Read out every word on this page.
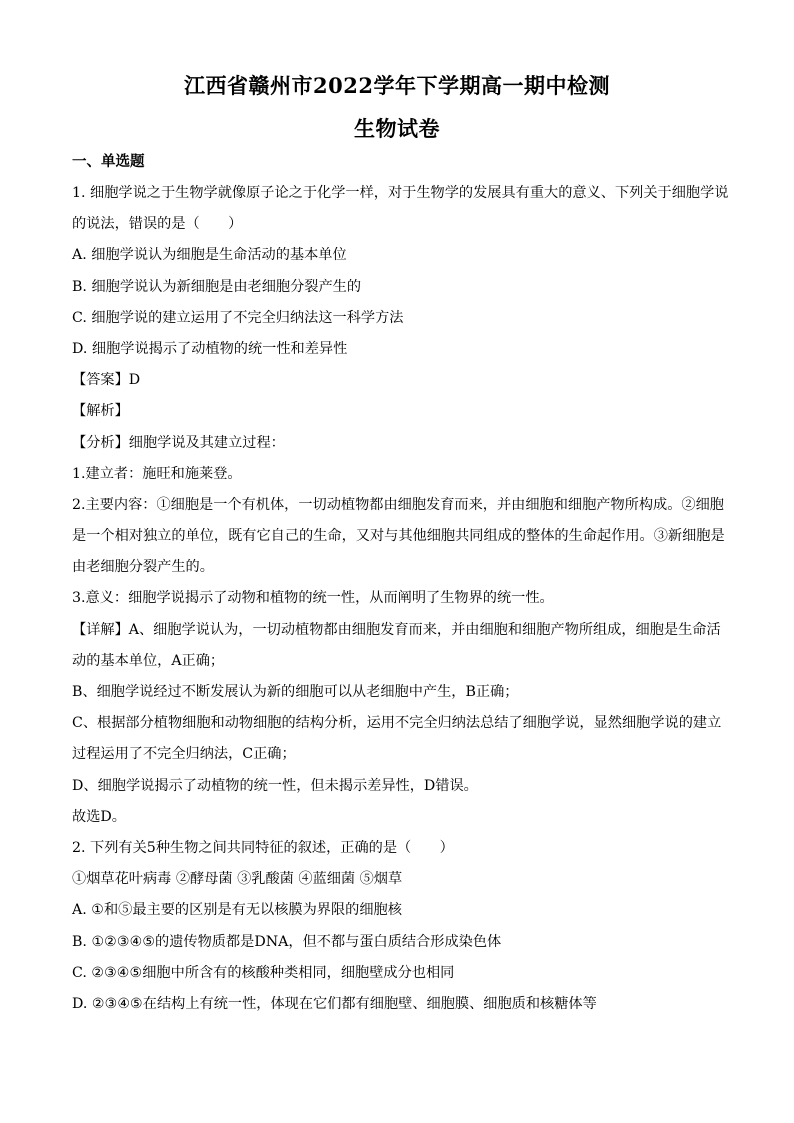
江西省赣州市2022学年下学期高一期中检测
生物试卷
一、单选题
1. 细胞学说之于生物学就像原子论之于化学一样，对于生物学的发展具有重大的意义、下列关于细胞学说
的说法，错误的是（　　）
A. 细胞学说认为细胞是生命活动的基本单位
B. 细胞学说认为新细胞是由老细胞分裂产生的
C. 细胞学说的建立运用了不完全归纳法这一科学方法
D. 细胞学说揭示了动植物的统一性和差异性
【答案】D
【解析】
【分析】细胞学说及其建立过程：
1.建立者：施旺和施莱登。
2.主要内容：①细胞是一个有机体，一切动植物都由细胞发育而来，并由细胞和细胞产物所构成。②细胞
是一个相对独立的单位，既有它自己的生命，又对与其他细胞共同组成的整体的生命起作用。③新细胞是
由老细胞分裂产生的。
3.意义：细胞学说揭示了动物和植物的统一性，从而阐明了生物界的统一性。
【详解】A、细胞学说认为，一切动植物都由细胞发育而来，并由细胞和细胞产物所组成，细胞是生命活
动的基本单位，A正确；
B、细胞学说经过不断发展认为新的细胞可以从老细胞中产生，B正确；
C、根据部分植物细胞和动物细胞的结构分析，运用不完全归纳法总结了细胞学说，显然细胞学说的建立
过程运用了不完全归纳法，C正确；
D、细胞学说揭示了动植物的统一性，但未揭示差异性，D错误。
故选D。
2. 下列有关5种生物之间共同特征的叙述，正确的是（　　）
①烟草花叶病毒 ②酵母菌 ③乳酸菌 ④蓝细菌 ⑤烟草
A. ①和⑤最主要的区别是有无以核膜为界限的细胞核
B. ①②③④⑤的遗传物质都是DNA，但不都与蛋白质结合形成染色体
C. ②③④⑤细胞中所含有的核酸种类相同，细胞壁成分也相同
D. ②③④⑤在结构上有统一性，体现在它们都有细胞壁、细胞膜、细胞质和核糖体等
